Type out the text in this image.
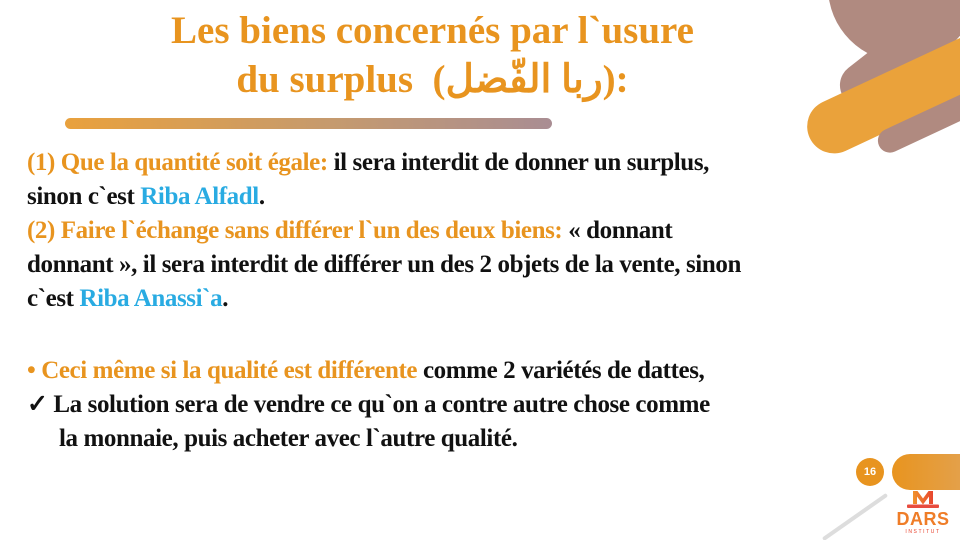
Les biens concernés par l`usure
du surplus  (ربا الفّضل):
(1) Que la quantité soit égale: il sera interdit de donner un surplus,
sinon c`est Riba Alfadl.
(2) Faire l`échange sans différer l`un des deux biens: « donnant
donnant », il sera interdit de différer un des 2 objets de la vente, sinon
c`est Riba Anassi`a.
• Ceci même si la qualité est différente comme 2 variétés de dattes,
✓ La solution sera de vendre ce qu`on a contre autre chose comme
la monnaie, puis acheter avec l`autre qualité.
16
DARS
INSTITUT
